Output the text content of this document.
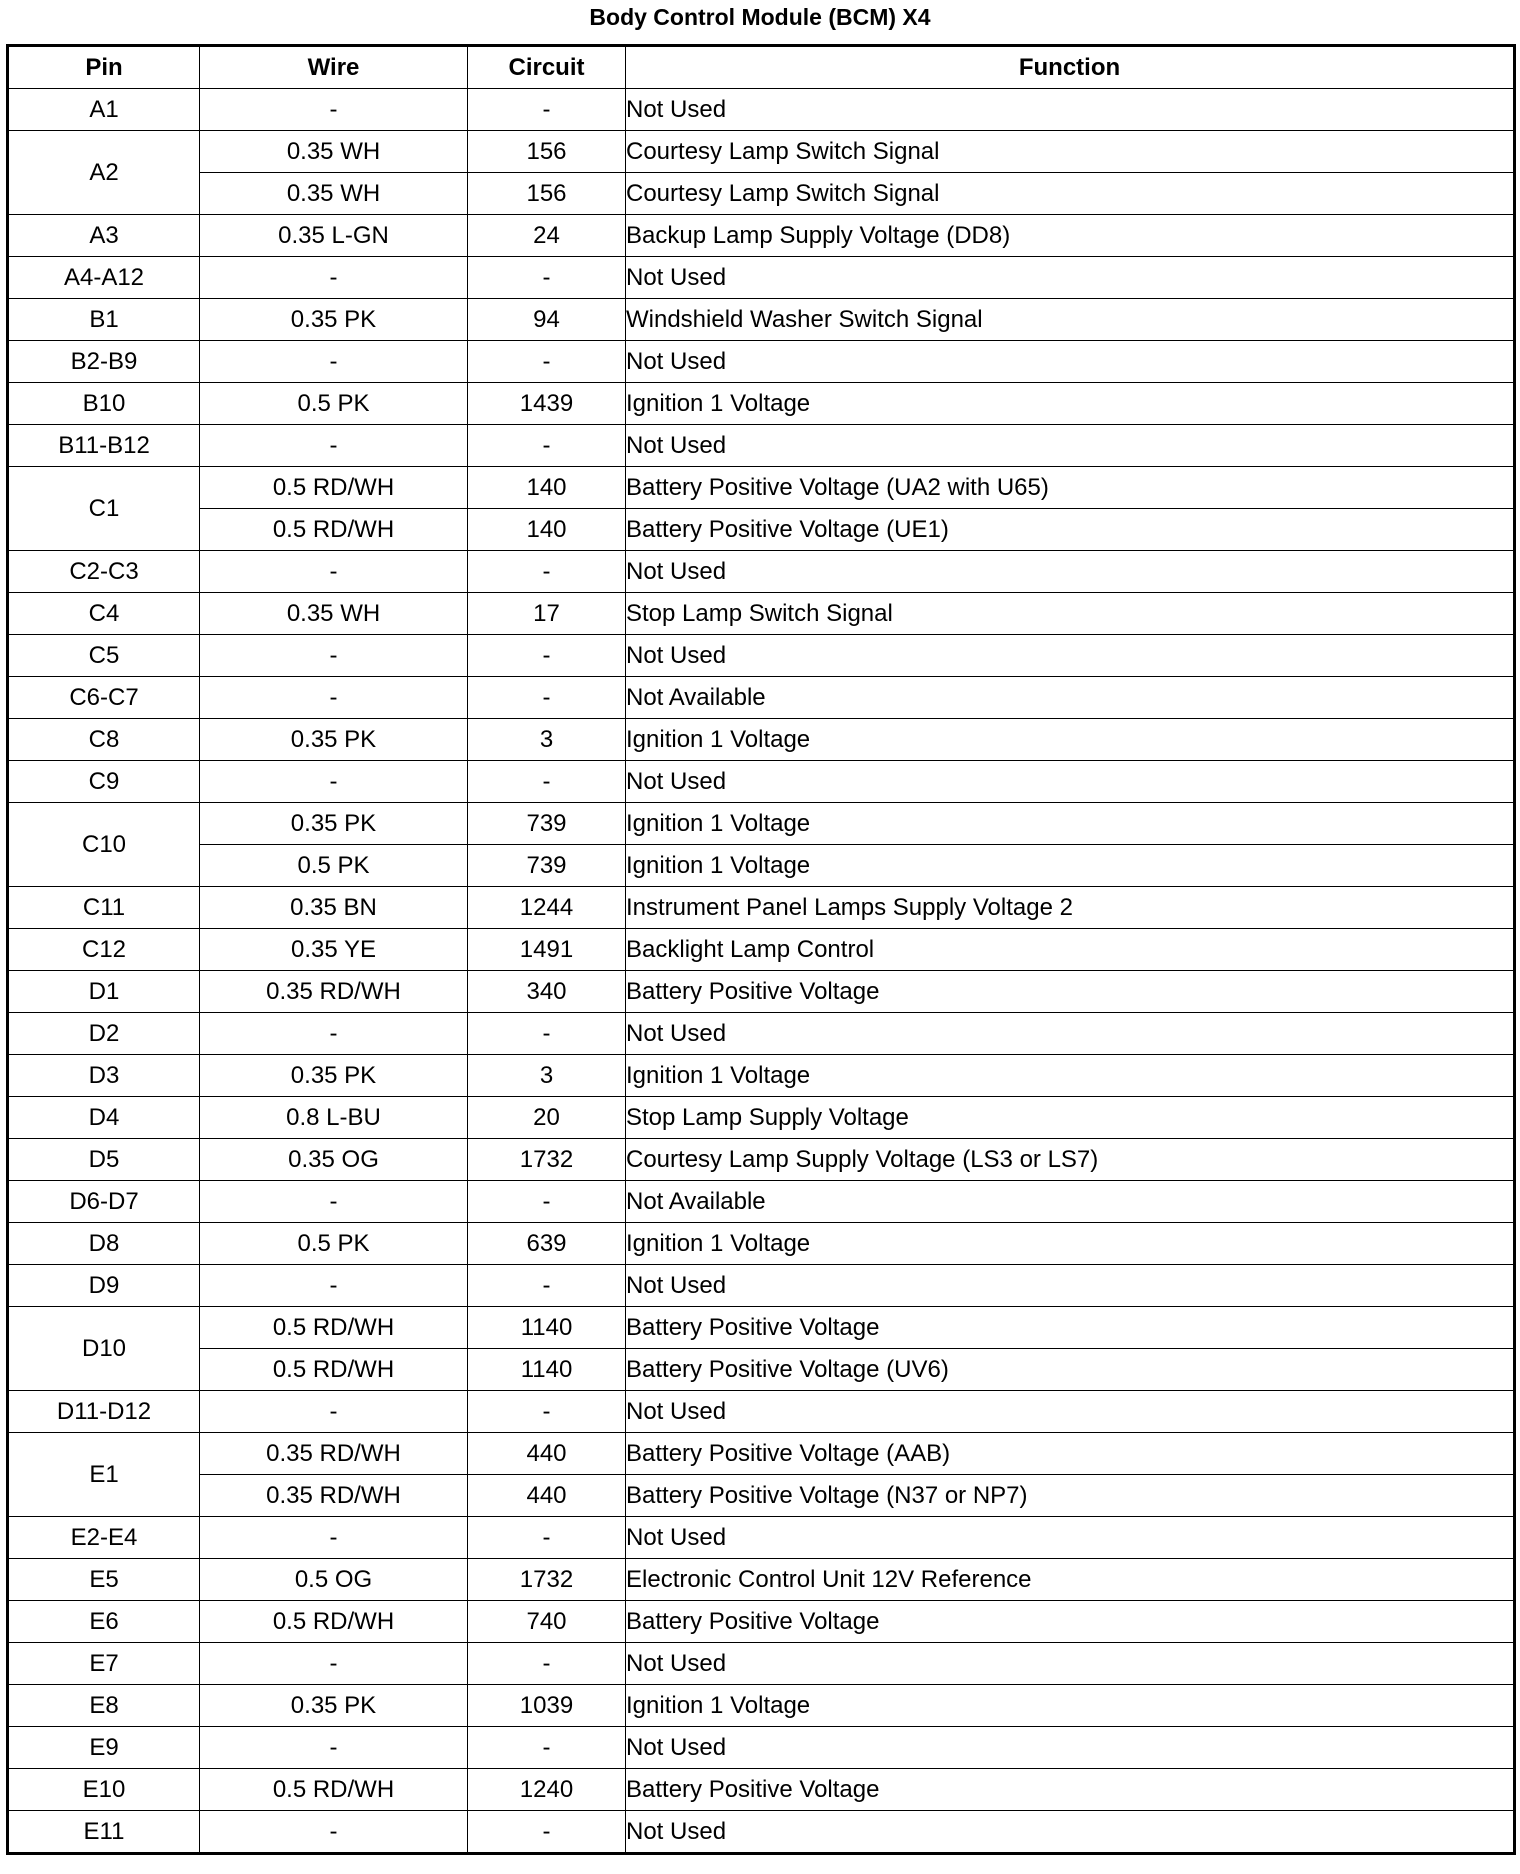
Body Control Module (BCM) X4
Pin	Wire	Circuit	Function
A1	-	-	Not Used
A2	0.35 WH	156	Courtesy Lamp Switch Signal
	0.35 WH	156	Courtesy Lamp Switch Signal
A3	0.35 L-GN	24	Backup Lamp Supply Voltage (DD8)
A4-A12	-	-	Not Used
B1	0.35 PK	94	Windshield Washer Switch Signal
B2-B9	-	-	Not Used
B10	0.5 PK	1439	Ignition 1 Voltage
B11-B12	-	-	Not Used
C1	0.5 RD/WH	140	Battery Positive Voltage (UA2 with U65)
	0.5 RD/WH	140	Battery Positive Voltage (UE1)
C2-C3	-	-	Not Used
C4	0.35 WH	17	Stop Lamp Switch Signal
C5	-	-	Not Used
C6-C7	-	-	Not Available
C8	0.35 PK	3	Ignition 1 Voltage
C9	-	-	Not Used
C10	0.35 PK	739	Ignition 1 Voltage
	0.5 PK	739	Ignition 1 Voltage
C11	0.35 BN	1244	Instrument Panel Lamps Supply Voltage 2
C12	0.35 YE	1491	Backlight Lamp Control
D1	0.35 RD/WH	340	Battery Positive Voltage
D2	-	-	Not Used
D3	0.35 PK	3	Ignition 1 Voltage
D4	0.8 L-BU	20	Stop Lamp Supply Voltage
D5	0.35 OG	1732	Courtesy Lamp Supply Voltage (LS3 or LS7)
D6-D7	-	-	Not Available
D8	0.5 PK	639	Ignition 1 Voltage
D9	-	-	Not Used
D10	0.5 RD/WH	1140	Battery Positive Voltage
	0.5 RD/WH	1140	Battery Positive Voltage (UV6)
D11-D12	-	-	Not Used
E1	0.35 RD/WH	440	Battery Positive Voltage (AAB)
	0.35 RD/WH	440	Battery Positive Voltage (N37 or NP7)
E2-E4	-	-	Not Used
E5	0.5 OG	1732	Electronic Control Unit 12V Reference
E6	0.5 RD/WH	740	Battery Positive Voltage
E7	-	-	Not Used
E8	0.35 PK	1039	Ignition 1 Voltage
E9	-	-	Not Used
E10	0.5 RD/WH	1240	Battery Positive Voltage
E11	-	-	Not Used
